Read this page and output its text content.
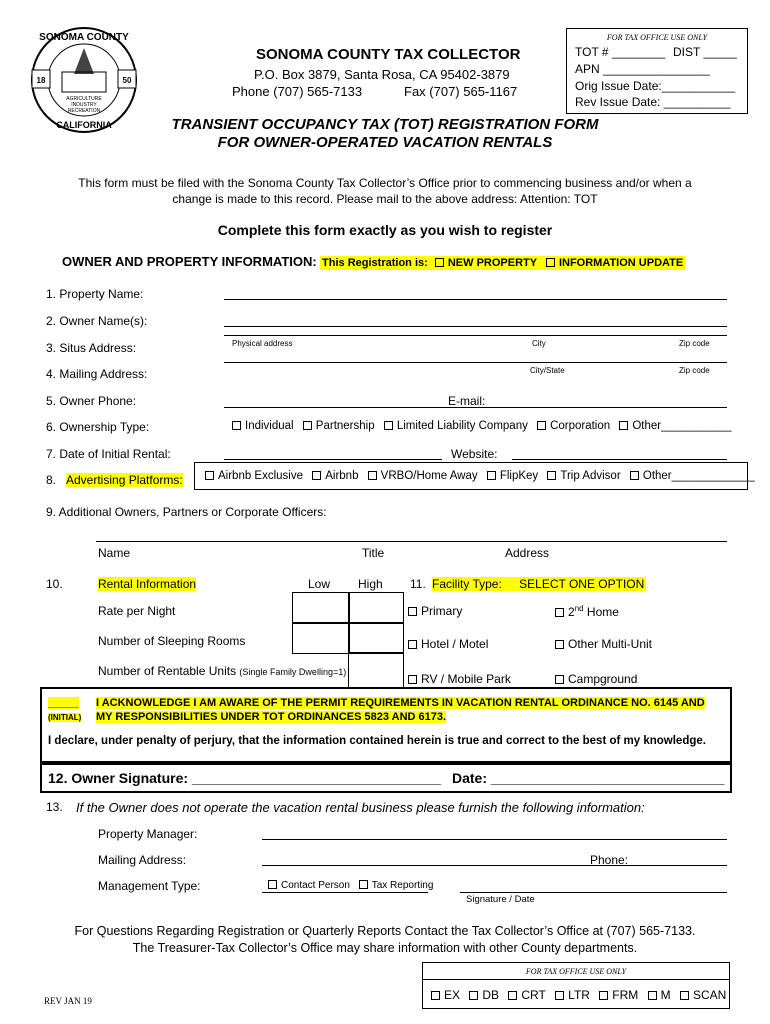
SONOMA COUNTY
CALIFORNIA
18	50
AGRICULTURE
INDUSTRY
RECREATION
SONOMA COUNTY TAX COLLECTOR
P.O. Box 3879, Santa Rosa, CA 95402-3879
Phone (707) 565-7133	Fax (707) 565-1167
FOR TAX OFFICE USE ONLY
TOT # ________ DIST _____
APN ________________
Orig Issue Date:___________
Rev Issue Date: __________
TRANSIENT OCCUPANCY TAX (TOT) REGISTRATION FORM
FOR OWNER-OPERATED VACATION RENTALS
This form must be filed with the Sonoma County Tax Collector’s Office prior to commencing business and/or when a
change is made to this record. Please mail to the above address: Attention: TOT
Complete this form exactly as you wish to register
OWNER AND PROPERTY INFORMATION: This Registration is: NEW PROPERTY INFORMATION UPDATE
1. Property Name:
2. Owner Name(s):
3. Situs Address:	Physical address	City	Zip code
4. Mailing Address:	City/State	Zip code
5. Owner Phone:	E-mail:
6. Ownership Type:	Individual Partnership Limited Liability Company Corporation Other___________
7. Date of Initial Rental:	Website:
8. Advertising Platforms:	Airbnb Exclusive Airbnb VRBO/Home Away FlipKey Trip Advisor Other_____________
9. Additional Owners, Partners or Corporate Officers:
Name	Title	Address
10.	Rental Information	Low High
Rate per Night
Number of Sleeping Rooms
Number of Rentable Units (Single Family Dwelling=1)
11. Facility Type: SELECT ONE OPTION
Primary	2nd Home
Hotel / Motel	Other Multi-Unit
RV / Mobile Park	Campground
_____ I ACKNOWLEDGE I AM AWARE OF THE PERMIT REQUIREMENTS IN VACATION RENTAL ORDINANCE NO. 6145 AND
(INITIAL) MY RESPONSIBILITIES UNDER TOT ORDINANCES 5823 AND 6173.
I declare, under penalty of perjury, that the information contained herein is true and correct to the best of my knowledge.
12. Owner Signature: ________________________________ Date: ______________________________
13. If the Owner does not operate the vacation rental business please furnish the following information:
Property Manager:
Mailing Address:	Phone:
Management Type:	Contact Person Tax Reporting
Signature / Date
For Questions Regarding Registration or Quarterly Reports Contact the Tax Collector’s Office at (707) 565-7133.
The Treasurer-Tax Collector’s Office may share information with other County departments.
FOR TAX OFFICE USE ONLY
EX DB CRT LTR FRM M SCAN
REV JAN 19
